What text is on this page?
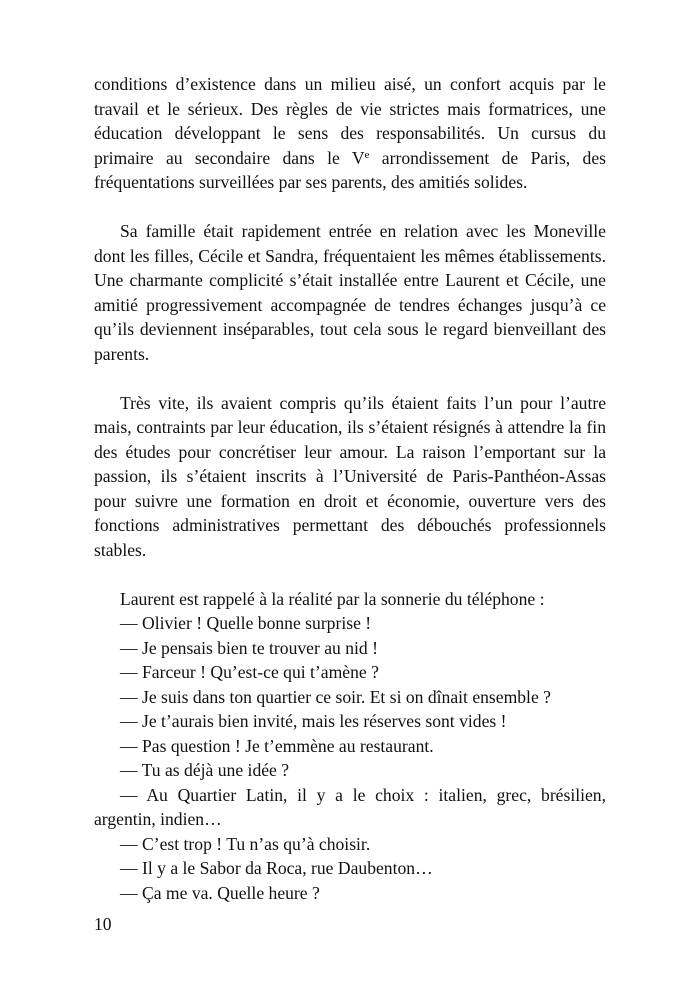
conditions d’existence dans un milieu aisé, un confort acquis par le travail et le sérieux. Des règles de vie strictes mais formatrices, une éducation développant le sens des responsabilités. Un cursus du primaire au secondaire dans le Ve arrondissement de Paris, des fréquentations surveillées par ses parents, des amitiés solides.

Sa famille était rapidement entrée en relation avec les Moneville dont les filles, Cécile et Sandra, fréquentaient les mêmes établissements. Une charmante complicité s’était installée entre Laurent et Cécile, une amitié progressivement accompagnée de tendres échanges jusqu’à ce qu’ils deviennent inséparables, tout cela sous le regard bienveillant des parents.

Très vite, ils avaient compris qu’ils étaient faits l’un pour l’autre mais, contraints par leur éducation, ils s’étaient résignés à attendre la fin des études pour concrétiser leur amour. La raison l’emportant sur la passion, ils s’étaient inscrits à l’Université de Paris-Panthéon-Assas pour suivre une formation en droit et économie, ouverture vers des fonctions administratives permettant des débouchés professionnels stables.

Laurent est rappelé à la réalité par la sonnerie du téléphone :

— Olivier ! Quelle bonne surprise !

— Je pensais bien te trouver au nid !

— Farceur ! Qu’est-ce qui t’amène ?

— Je suis dans ton quartier ce soir. Et si on dînait ensemble ?

— Je t’aurais bien invité, mais les réserves sont vides !

— Pas question ! Je t’emmène au restaurant.

— Tu as déjà une idée ?

— Au Quartier Latin, il y a le choix : italien, grec, brésilien, argentin, indien…

— C’est trop ! Tu n’as qu’à choisir.

— Il y a le Sabor da Roca, rue Daubenton…

— Ça me va. Quelle heure ?

10
